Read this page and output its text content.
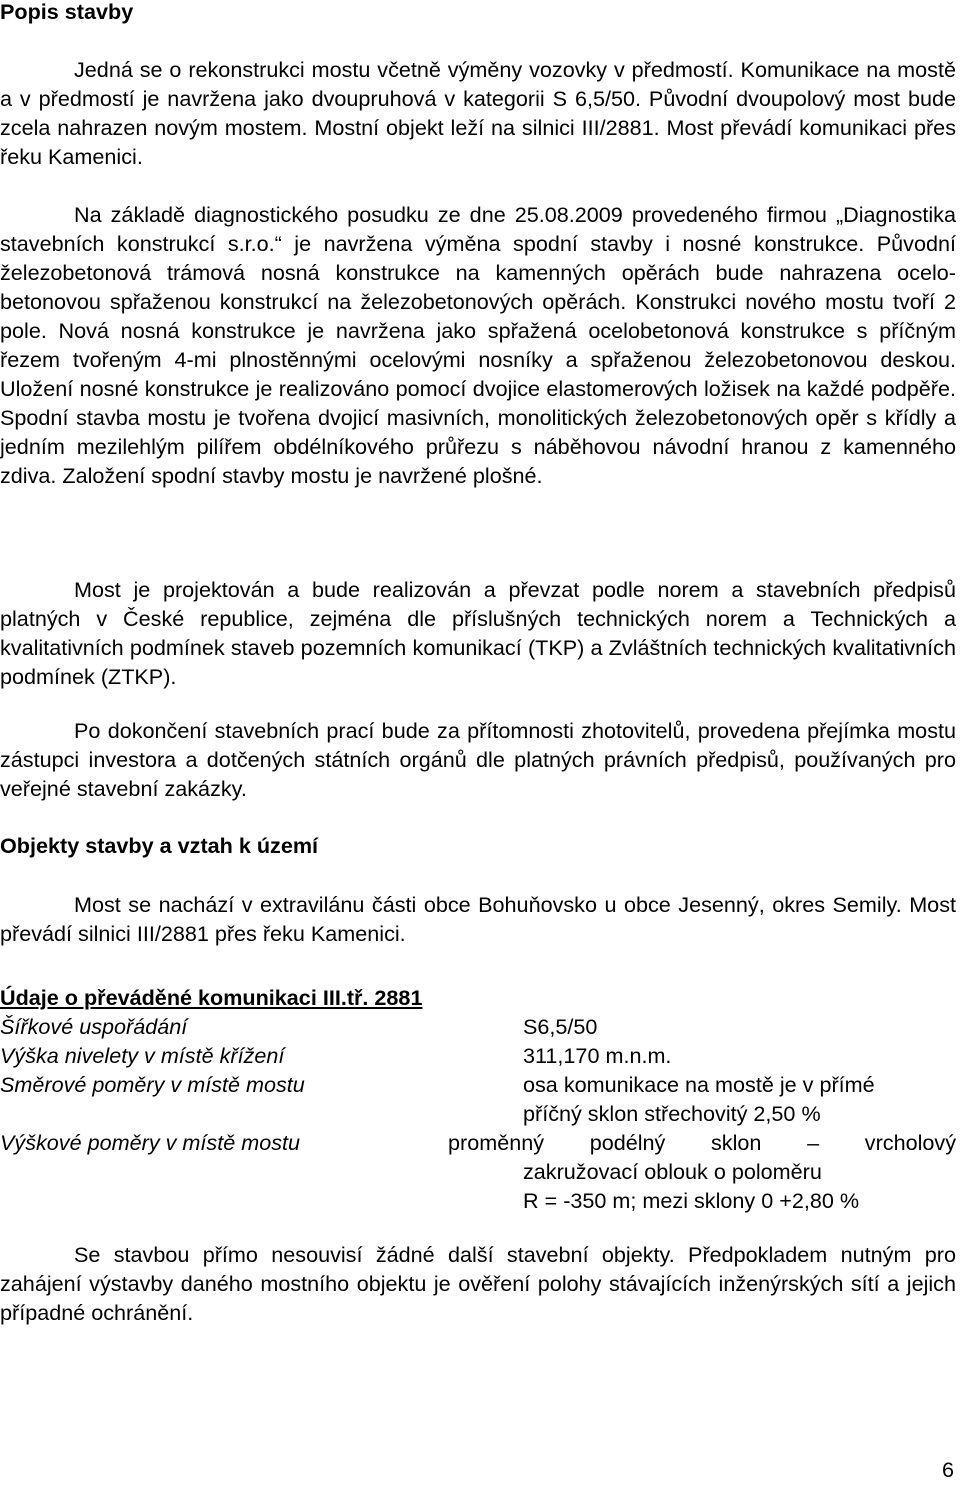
Popis stavby

Jedná se o rekonstrukci mostu včetně výměny vozovky v předmostí. Komunikace na mostě a v předmostí je navržena jako dvoupruhová v kategorii S 6,5/50. Původní dvoupolový most bude zcela nahrazen novým mostem. Mostní objekt leží na silnici III/2881. Most převádí komunikaci přes řeku Kamenici.

Na základě diagnostického posudku ze dne 25.08.2009 provedeného firmou „Diagnostika stavebních konstrukcí s.r.o.“ je navržena výměna spodní stavby i nosné konstrukce. Původní železobetonová trámová nosná konstrukce na kamenných opěrách bude nahrazena ocelo-betonovou spřaženou konstrukcí na železobetonových opěrách. Konstrukci nového mostu tvoří 2 pole. Nová nosná konstrukce je navržena jako spřažená ocelobetonová konstrukce s příčným řezem tvořeným 4-mi plnostěnnými ocelovými nosníky a spřaženou železobetonovou deskou. Uložení nosné konstrukce je realizováno pomocí dvojice elastomerových ložisek na každé podpěře. Spodní stavba mostu je tvořena dvojicí masivních, monolitických železobetonových opěr s křídly a jedním mezilehlým pilířem obdélníkového průřezu s náběhovou návodní hranou z kamenného zdiva. Založení spodní stavby mostu je navržené plošné.

Most je projektován a bude realizován a převzat podle norem a stavebních předpisů platných v České republice, zejména dle příslušných technických norem a Technických a kvalitativních podmínek staveb pozemních komunikací (TKP) a Zvláštních technických kvalitativních podmínek (ZTKP).

Po dokončení stavebních prací bude za přítomnosti zhotovitelů, provedena přejímka mostu zástupci investora a dotčených státních orgánů dle platných právních předpisů, používaných pro veřejné stavební zakázky.

Objekty stavby a vztah k území

Most se nachází v extravilánu části obce Bohuňovsko u obce Jesenný, okres Semily. Most převádí silnici III/2881 přes řeku Kamenici.

Údaje o převáděné komunikaci III.tř. 2881
Šířkové uspořádání	S6,5/50
Výška nivelety v místě křížení	311,170 m.n.m.
Směrové poměry v místě mostu	osa komunikace na mostě je v přímé
příčný sklon střechovitý 2,50 %
Výškové poměry v místě mostu	proměnný podélný sklon – vrcholový
zakružovací oblouk o poloměru
R = -350 m; mezi sklony 0 +2,80 %

Se stavbou přímo nesouvisí žádné další stavební objekty. Předpokladem nutným pro zahájení výstavby daného mostního objektu je ověření polohy stávajících inženýrských sítí a jejich případné ochránění.

6
